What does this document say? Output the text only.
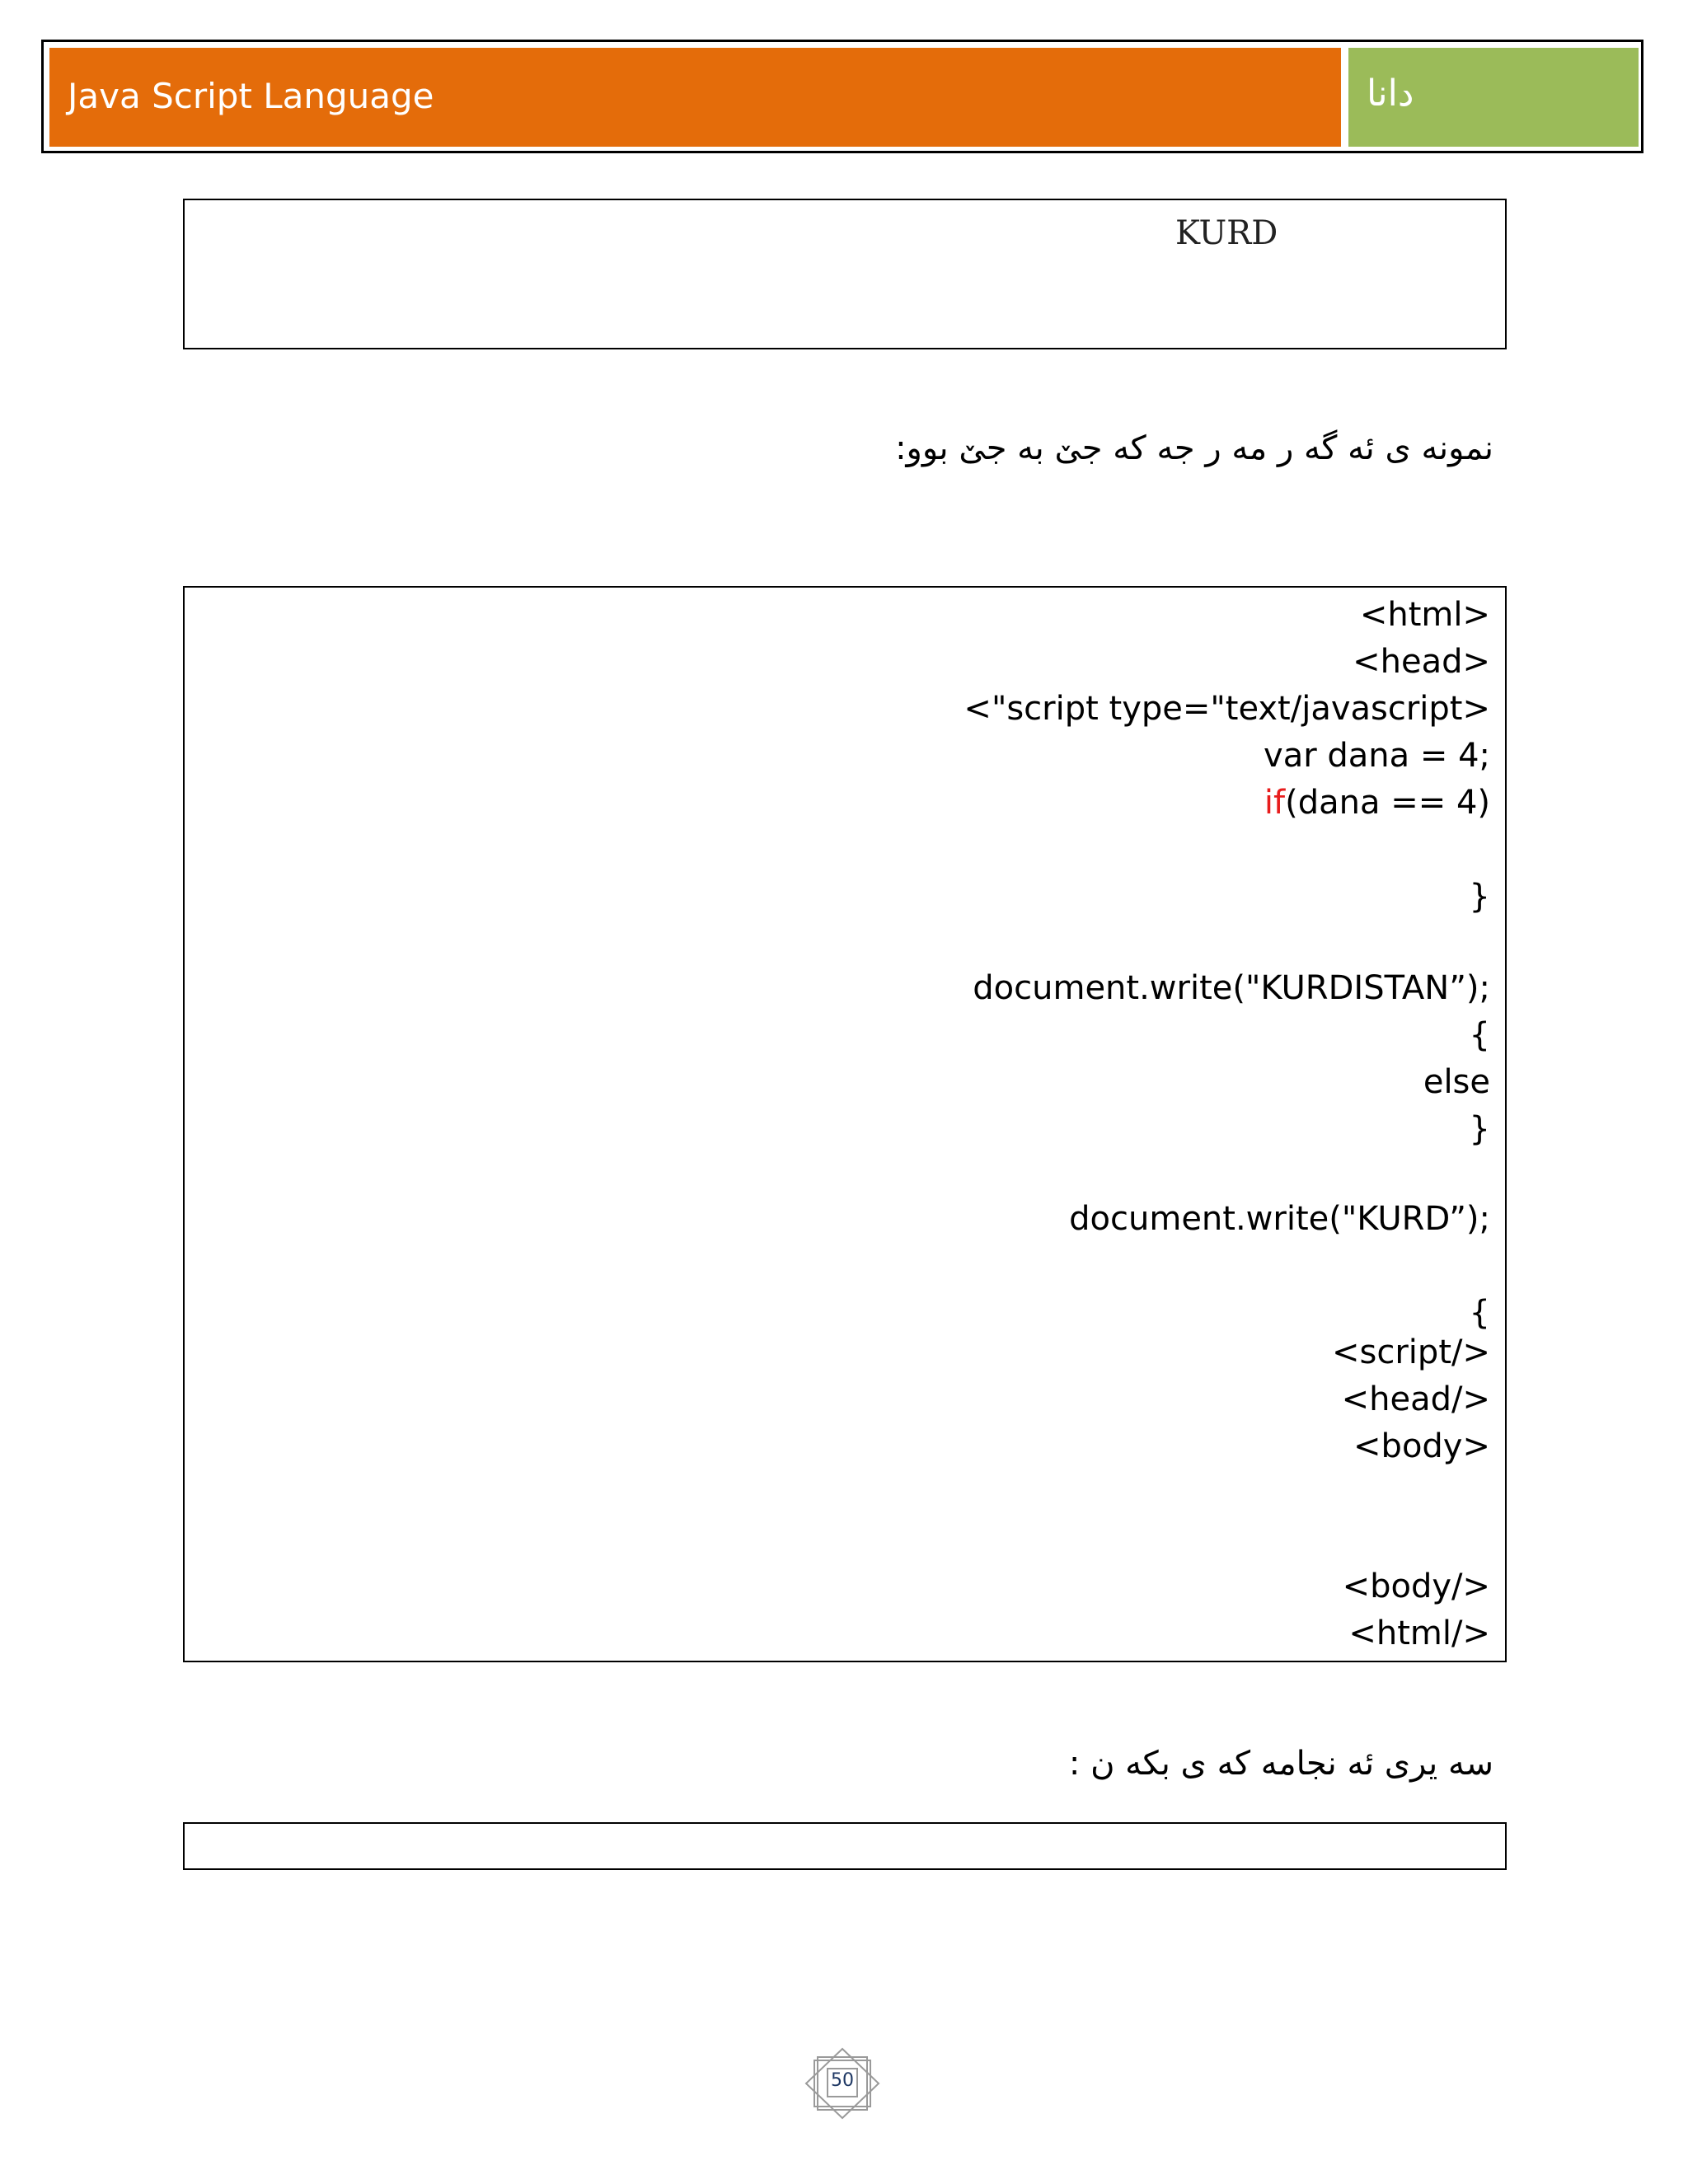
Java Script Language	دانا
KURD
نمونه ی ئه گه ر مه ر جه كه جێ به جێ بوو:
<html>
<head>
<"script type="text/javascript>
var dana = 4;
if(dana == 4)
}
document.write("KURDISTAN”);
{
else
}
document.write("KURD”);
{
<script/>
<head/>
<body>
<body/>
<html/>
سه يری ئه نجامه كه ی بكه ن :
50
